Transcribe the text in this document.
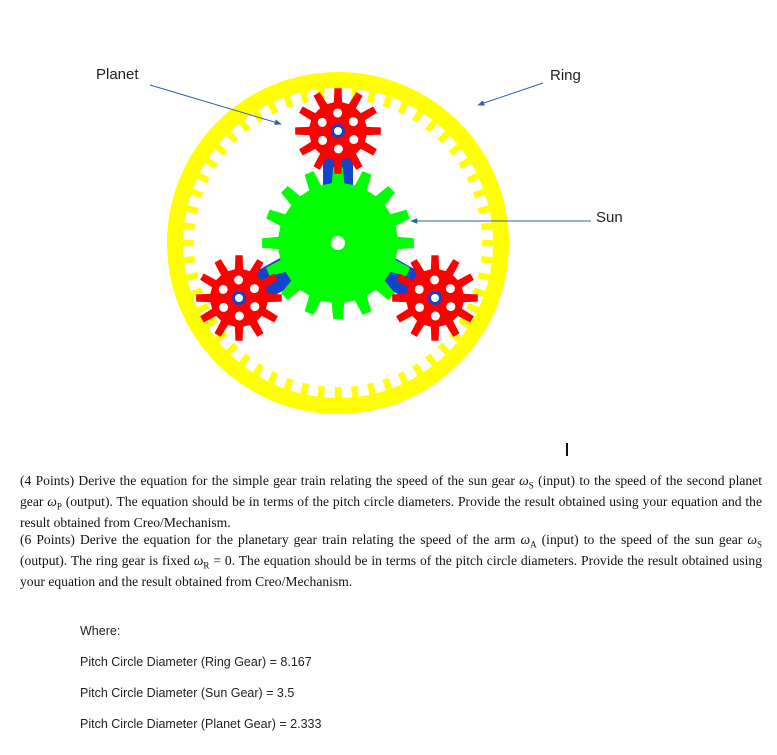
Planet	Ring
Sun

(4 Points) Derive the equation for the simple gear train relating the speed of the sun gear $\omega_S$ (input) to the speed of the second planet gear $\omega_P$ (output). The equation should be in terms of the pitch circle diameters. Provide the result obtained using your equation and the result obtained from Creo/Mechanism.

(6 Points) Derive the equation for the planetary gear train relating the speed of the arm $\omega_A$ (input) to the speed of the sun gear $\omega_S$ (output). The ring gear is fixed $\omega_R = 0$. The equation should be in terms of the pitch circle diameters. Provide the result obtained using your equation and the result obtained from Creo/Mechanism.

Where:
Pitch Circle Diameter (Ring Gear) = 8.167
Pitch Circle Diameter (Sun Gear) = 3.5
Pitch Circle Diameter (Planet Gear) = 2.333
